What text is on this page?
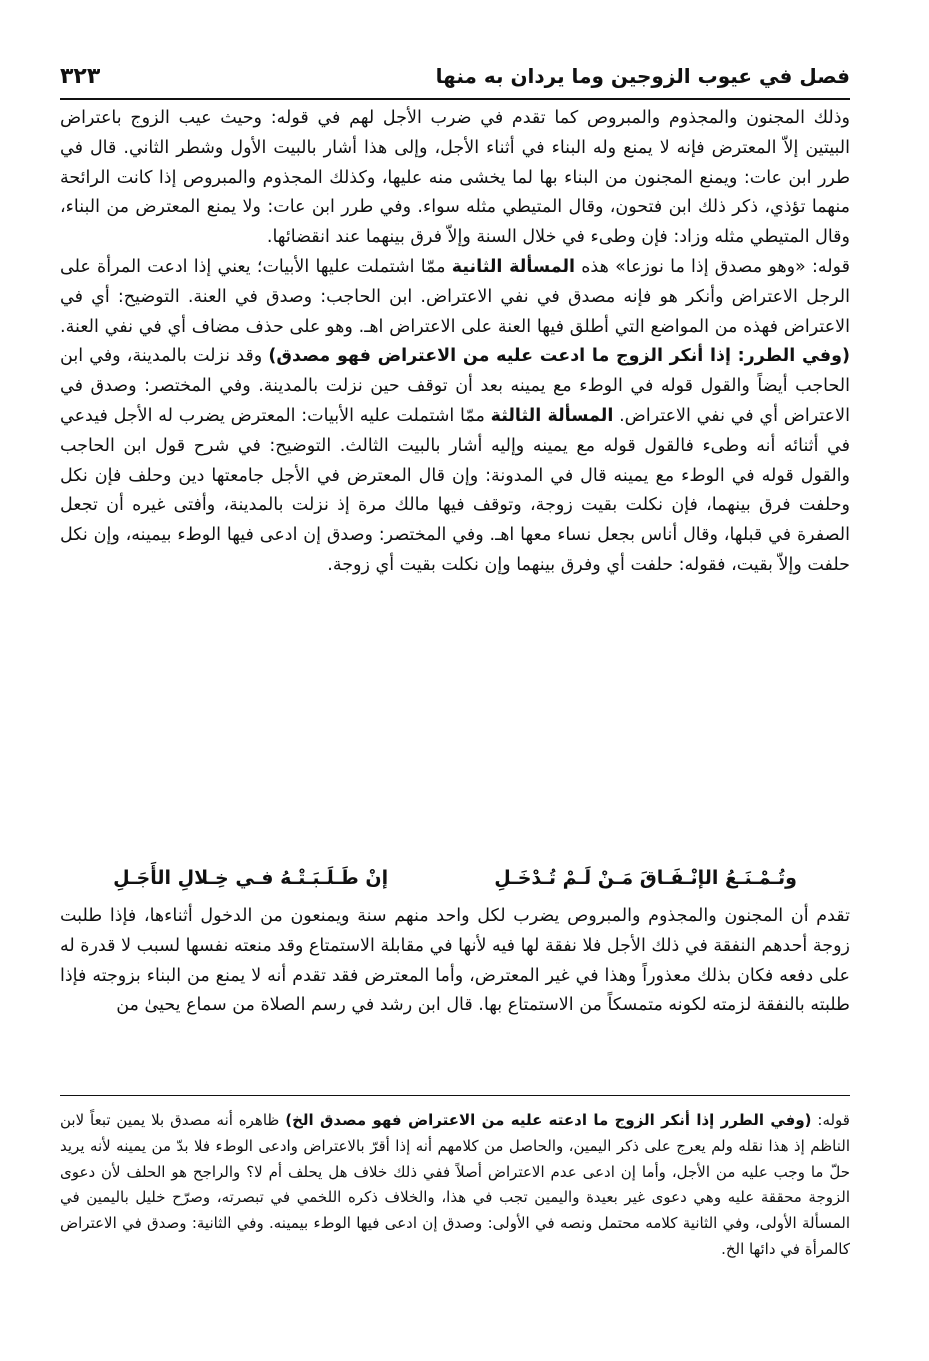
فصل في عيوب الزوجين وما يردان به منها
٣٢٣

وذلك المجنون والمجذوم والمبروص كما تقدم في ضرب الأجل لهم في قوله: وحيث عيب الزوج باعتراض البيتين إلاّ المعترض فإنه لا يمنع وله البناء في أثناء الأجل، وإلى هذا أشار بالبيت الأول وشطر الثاني. قال في طرر ابن عات: ويمنع المجنون من البناء بها لما يخشى منه عليها، وكذلك المجذوم والمبروص إذا كانت الرائحة منهما تؤذي، ذكر ذلك ابن فتحون، وقال المتيطي مثله سواء. وفي طرر ابن عات: ولا يمنع المعترض من البناء، وقال المتيطي مثله وزاد: فإن وطىء في خلال السنة وإلاّ فرق بينهما عند انقضائها.

قوله: «وهو مصدق إذا ما نوزعا» هذه المسألة الثانية ممّا اشتملت عليها الأبيات؛ يعني إذا ادعت المرأة على الرجل الاعتراض وأنكر هو فإنه مصدق في نفي الاعتراض. ابن الحاجب: وصدق في العنة. التوضيح: أي في الاعتراض فهذه من المواضع التي أطلق فيها العنة على الاعتراض اهـ. وهو على حذف مضاف أي في نفي العنة. (وفي الطرر: إذا أنكر الزوج ما ادعت عليه من الاعتراض فهو مصدق) وقد نزلت بالمدينة، وفي ابن الحاجب أيضاً والقول قوله في الوطء مع يمينه بعد أن توقف حين نزلت بالمدينة. وفي المختصر: وصدق في الاعتراض أي في نفي الاعتراض. المسألة الثالثة ممّا اشتملت عليه الأبيات: المعترض يضرب له الأجل فيدعي في أثنائه أنه وطىء فالقول قوله مع يمينه وإليه أشار بالبيت الثالث. التوضيح: في شرح قول ابن الحاجب والقول قوله في الوطء مع يمينه قال في المدونة: وإن قال المعترض في الأجل جامعتها دين وحلف فإن نكل وحلفت فرق بينهما، فإن نكلت بقيت زوجة، وتوقف فيها مالك مرة إذ نزلت بالمدينة، وأفتى غيره أن تجعل الصفرة في قبلها، وقال أناس بجعل نساء معها اهـ. وفي المختصر: وصدق إن ادعى فيها الوطء بيمينه، وإن نكل حلفت وإلاّ بقيت، فقوله: حلفت أي وفرق بينهما وإن نكلت بقيت أي زوجة.

وتُـمْـنَـعُ الإنْـفَـاقَ مَـنْ لَـمْ تُـدْخَـلِ
إنْ طَـلَـبَـتْـهُ فـي خِـلالِ الأَجَـلِ

تقدم أن المجنون والمجذوم والمبروص يضرب لكل واحد منهم سنة ويمنعون من الدخول أثناءها، فإذا طلبت زوجة أحدهم النفقة في ذلك الأجل فلا نفقة لها فيه لأنها في مقابلة الاستمتاع وقد منعته نفسها لسبب لا قدرة له على دفعه فكان بذلك معذوراً وهذا في غير المعترض، وأما المعترض فقد تقدم أنه لا يمنع من البناء بزوجته فإذا طلبته بالنفقة لزمته لكونه متمسكاً من الاستمتاع بها. قال ابن رشد في رسم الصلاة من سماع يحيىٰ من

قوله: (وفي الطرر إذا أنكر الزوج ما ادعته عليه من الاعتراض فهو مصدق الخ) ظاهره أنه مصدق بلا يمين تبعاً لابن الناظم إذ هذا نقله ولم يعرج على ذكر اليمين، والحاصل من كلامهم أنه إذا أقرّ بالاعتراض وادعى الوطء فلا بدّ من يمينه لأنه يريد حلّ ما وجب عليه من الأجل، وأما إن ادعى عدم الاعتراض أصلاً ففي ذلك خلاف هل يحلف أم لا؟ والراجح هو الحلف لأن دعوى الزوجة محققة عليه وهي دعوى غير بعيدة واليمين تجب في هذا، والخلاف ذكره اللخمي في تبصرته، وصرّح خليل باليمين في المسألة الأولى، وفي الثانية كلامه محتمل ونصه في الأولى: وصدق إن ادعى فيها الوطء بيمينه. وفي الثانية: وصدق في الاعتراض كالمرأة في دائها الخ.
